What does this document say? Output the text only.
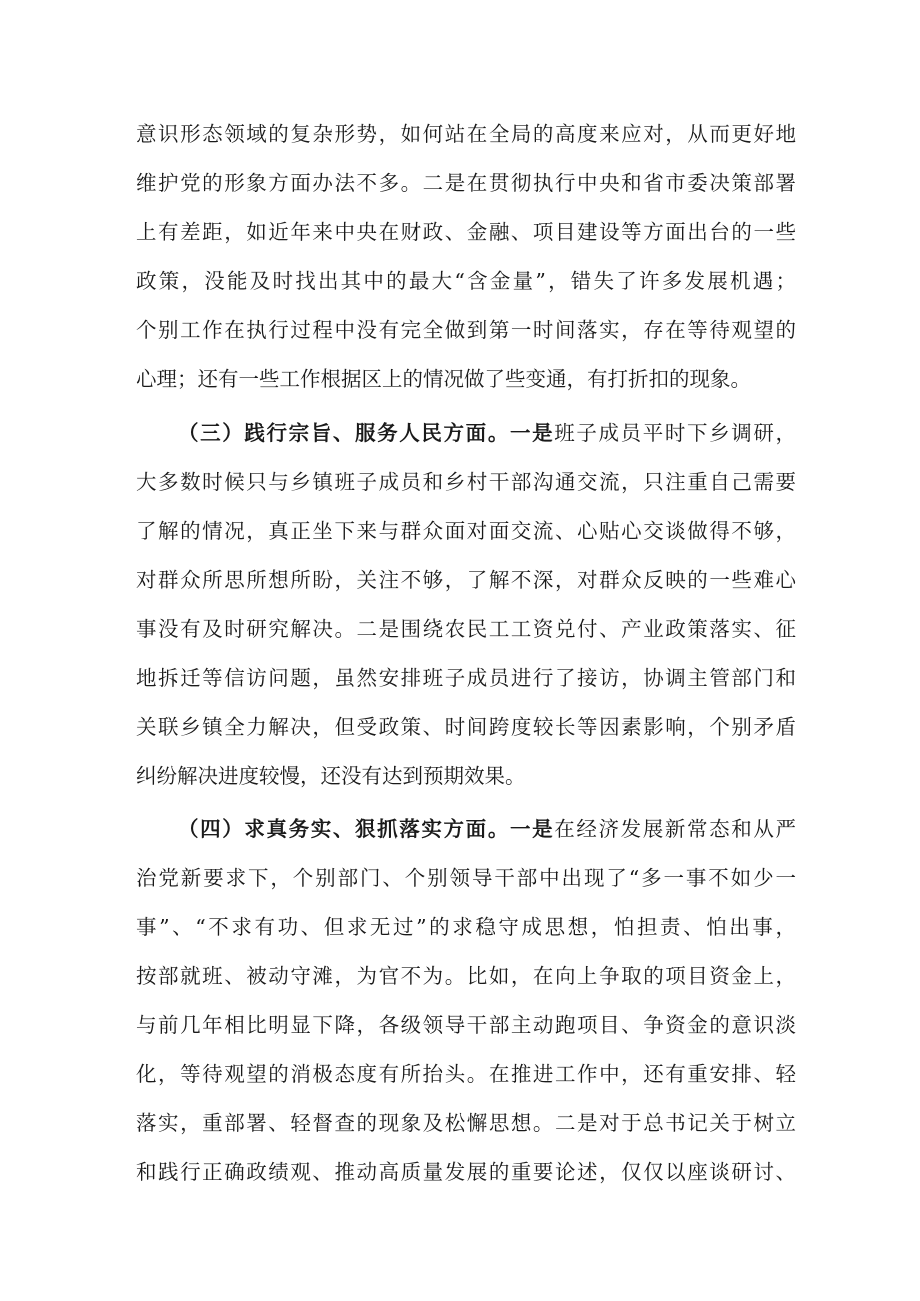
意识形态领域的复杂形势，如何站在全局的高度来应对，从而更好地
维护党的形象方面办法不多。二是在贯彻执行中央和省市委决策部署
上有差距，如近年来中央在财政、金融、项目建设等方面出台的一些
政策，没能及时找出其中的最大“含金量”，错失了许多发展机遇；
个别工作在执行过程中没有完全做到第一时间落实，存在等待观望的
心理；还有一些工作根据区上的情况做了些变通，有打折扣的现象。
（三）践行宗旨、服务人民方面。一是班子成员平时下乡调研，
大多数时候只与乡镇班子成员和乡村干部沟通交流，只注重自己需要
了解的情况，真正坐下来与群众面对面交流、心贴心交谈做得不够，
对群众所思所想所盼，关注不够，了解不深，对群众反映的一些难心
事没有及时研究解决。二是围绕农民工工资兑付、产业政策落实、征
地拆迁等信访问题，虽然安排班子成员进行了接访，协调主管部门和
关联乡镇全力解决，但受政策、时间跨度较长等因素影响，个别矛盾
纠纷解决进度较慢，还没有达到预期效果。
（四）求真务实、狠抓落实方面。一是在经济发展新常态和从严
治党新要求下，个别部门、个别领导干部中出现了“多一事不如少一
事”、“不求有功、但求无过”的求稳守成思想，怕担责、怕出事，
按部就班、被动守滩，为官不为。比如，在向上争取的项目资金上，
与前几年相比明显下降，各级领导干部主动跑项目、争资金的意识淡
化，等待观望的消极态度有所抬头。在推进工作中，还有重安排、轻
落实，重部署、轻督查的现象及松懈思想。二是对于总书记关于树立
和践行正确政绩观、推动高质量发展的重要论述，仅仅以座谈研讨、
